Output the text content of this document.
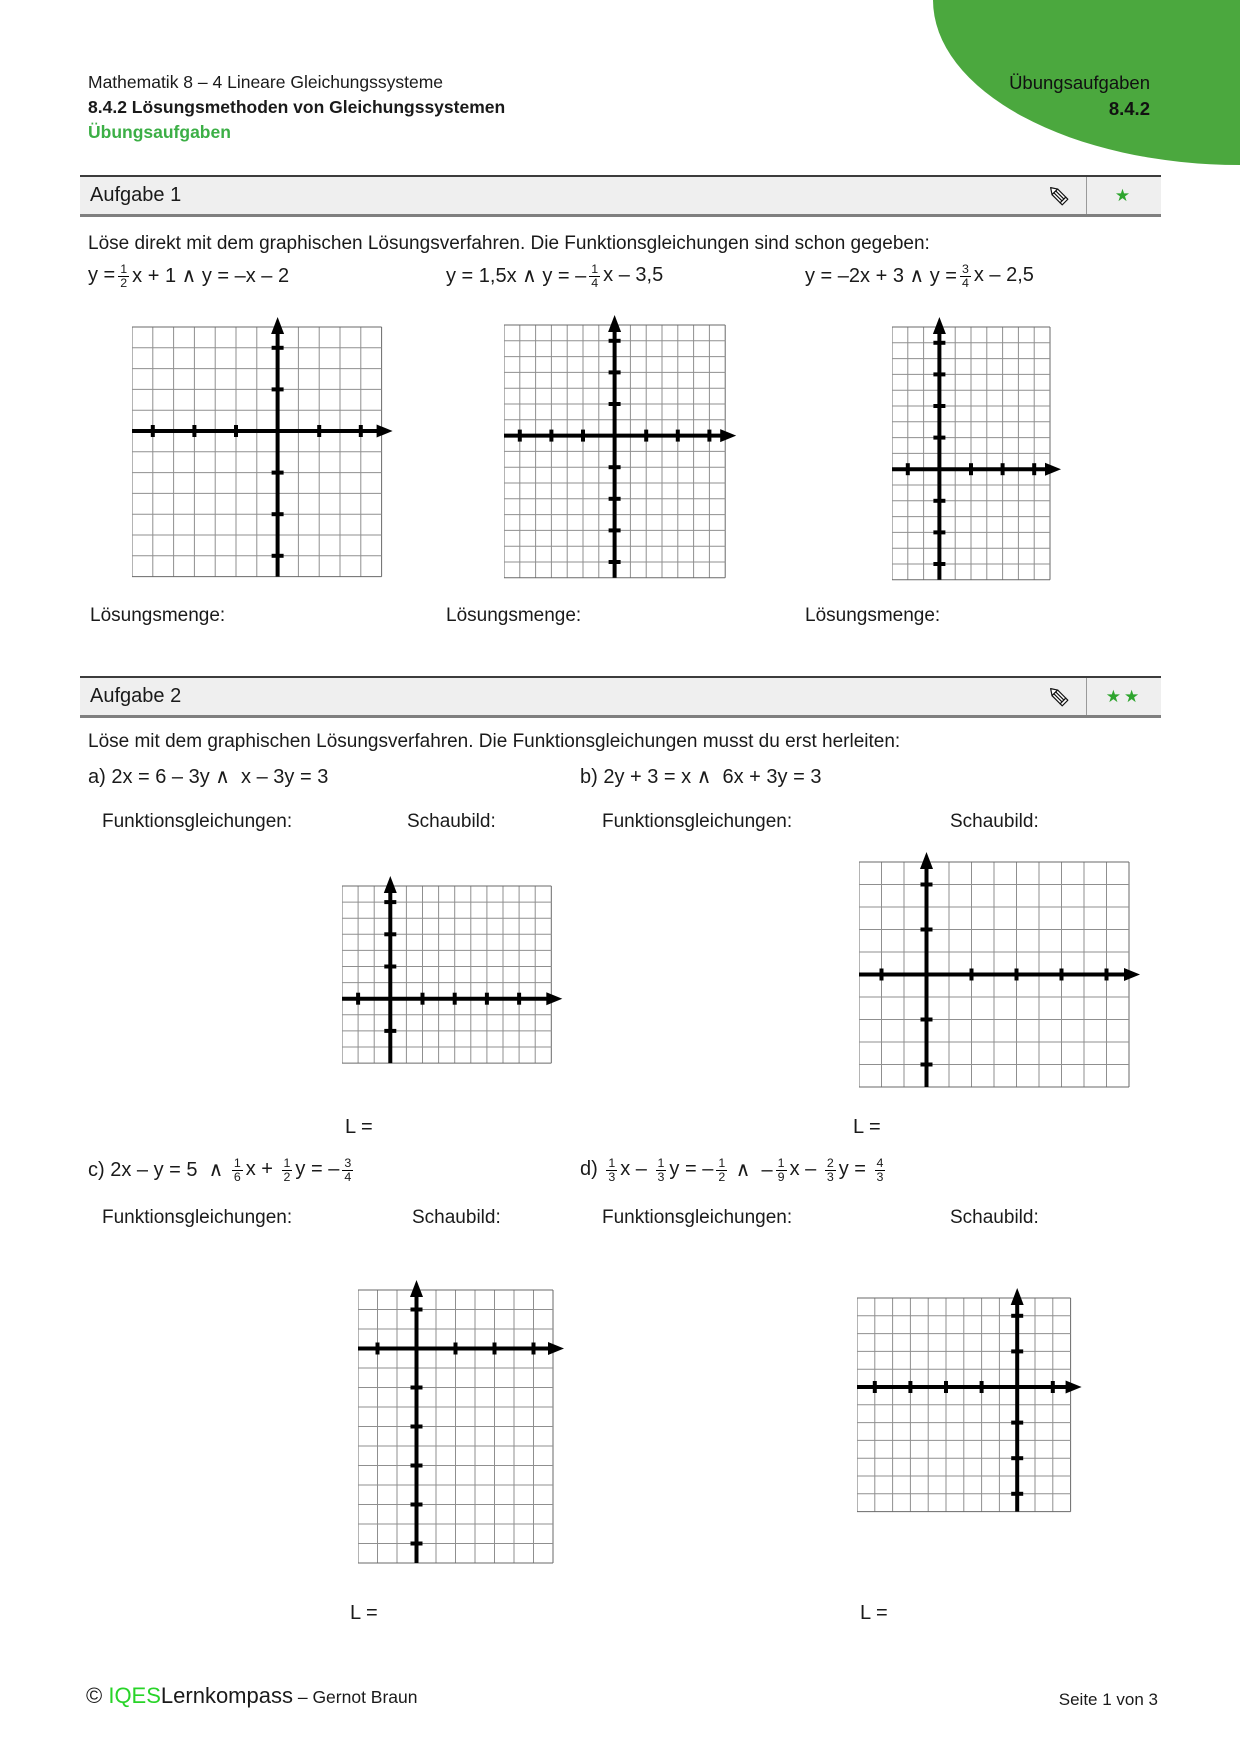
Übungsaufgaben
8.4.2
Mathematik 8 – 4 Lineare Gleichungssysteme
8.4.2 Lösungsmethoden von Gleichungssystemen
Übungsaufgaben
Aufgabe 1	★
Löse direkt mit dem graphischen Lösungsverfahren. Die Funktionsgleichungen sind schon gegeben:
$y = \frac{1}{2}$ x + 1 ∧ y = –x – 2	y = 1,5x ∧ y = – $\frac{1}{4}$ x – 3,5	y = –2x + 3 ∧ $y = \frac{3}{4}$ x – 2,5
Lösungsmenge:	Lösungsmenge:	Lösungsmenge:
Aufgabe 2	★★
Löse mit dem graphischen Lösungsverfahren. Die Funktionsgleichungen musst du erst herleiten:
a) 2x = 6 – 3y ∧  x – 3y = 3	b) 2y + 3 = x ∧  6x + 3y = 3
Funktionsgleichungen:	Schaubild:	Funktionsgleichungen:	Schaubild:
L =	L =
c) 2x – y = 5  ∧ $\frac{1}{6}$ $x + \frac{1}{2}$ y = – $\frac{3}{4}$	$d) \frac{1}{3}$ x – $\frac{1}{3}$ y = – $\frac{1}{2}$ ∧  – $\frac{1}{9}$ x – $\frac{2}{3}$ $y = \frac{4}{3}$
Funktionsgleichungen:	Schaubild:	Funktionsgleichungen:	Schaubild:
L =	L =
© IQESLernkompass – Gernot Braun	Seite 1 von 3
